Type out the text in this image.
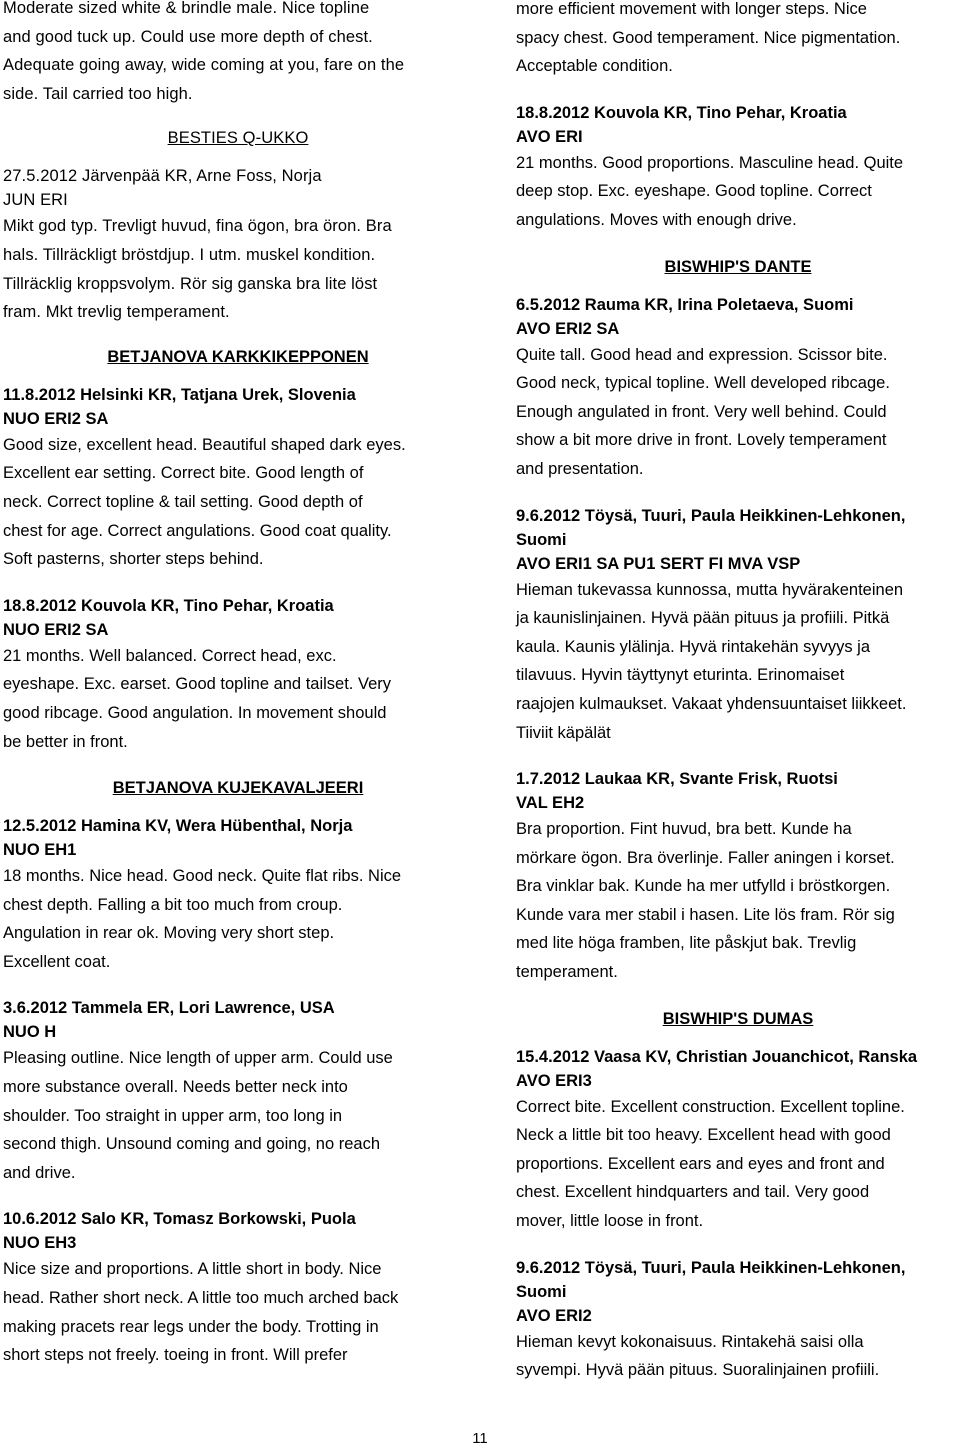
Moderate sized white & brindle male. Nice topline
and good tuck up. Could use more depth of chest.
Adequate going away, wide coming at you, fare on the
side. Tail carried too high.
BESTIES Q-UKKO
27.5.2012 Järvenpää KR, Arne Foss, Norja
JUN ERI
Mikt god typ. Trevligt huvud, fina ögon, bra öron. Bra
hals. Tillräckligt bröstdjup. I utm. muskel kondition.
Tillräcklig kroppsvolym. Rör sig ganska bra lite löst
fram. Mkt trevlig temperament.
BETJANOVA KARKKIKEPPONEN
11.8.2012 Helsinki KR, Tatjana Urek, Slovenia
NUO ERI2 SA
Good size, excellent head. Beautiful shaped dark eyes.
Excellent ear setting. Correct bite. Good length of
neck. Correct topline & tail setting. Good depth of
chest for age. Correct angulations. Good coat quality.
Soft pasterns, shorter steps behind.
18.8.2012 Kouvola KR, Tino Pehar, Kroatia
NUO ERI2 SA
21 months. Well balanced. Correct head, exc.
eyeshape. Exc. earset. Good topline and tailset. Very
good ribcage. Good angulation. In movement should
be better in front.
BETJANOVA KUJEKAVALJEERI
12.5.2012 Hamina KV, Wera Hübenthal, Norja
NUO EH1
18 months. Nice head. Good neck. Quite flat ribs. Nice
chest depth. Falling a bit too much from croup.
Angulation in rear ok. Moving very short step.
Excellent coat.
3.6.2012 Tammela ER, Lori Lawrence, USA
NUO H
Pleasing outline. Nice length of upper arm. Could use
more substance overall. Needs better neck into
shoulder. Too straight in upper arm, too long in
second thigh. Unsound coming and going, no reach
and drive.
10.6.2012 Salo KR, Tomasz Borkowski, Puola
NUO EH3
Nice size and proportions. A little short in body. Nice
head. Rather short neck. A little too much arched back
making pracets rear legs under the body. Trotting in
short steps not freely. toeing in front. Will prefer
more efficient movement with longer steps. Nice
spacy chest. Good temperament. Nice pigmentation.
Acceptable condition.
18.8.2012 Kouvola KR, Tino Pehar, Kroatia
AVO ERI
21 months. Good proportions. Masculine head. Quite
deep stop. Exc. eyeshape. Good topline. Correct
angulations. Moves with enough drive.
BISWHIP'S DANTE
6.5.2012 Rauma KR, Irina Poletaeva, Suomi
AVO ERI2 SA
Quite tall. Good head and expression. Scissor bite.
Good neck, typical topline. Well developed ribcage.
Enough angulated in front. Very well behind. Could
show a bit more drive in front. Lovely temperament
and presentation.
9.6.2012 Töysä, Tuuri, Paula Heikkinen-Lehkonen,
Suomi
AVO ERI1 SA PU1 SERT FI MVA VSP
Hieman tukevassa kunnossa, mutta hyvärakenteinen
ja kaunislinjainen. Hyvä pään pituus ja profiili. Pitkä
kaula. Kaunis ylälinja. Hyvä rintakehän syvyys ja
tilavuus. Hyvin täyttynyt eturinta. Erinomaiset
raajojen kulmaukset. Vakaat yhdensuuntaiset liikkeet.
Tiiviit käpälät
1.7.2012 Laukaa KR, Svante Frisk, Ruotsi
VAL EH2
Bra proportion. Fint huvud, bra bett. Kunde ha
mörkare ögon. Bra överlinje. Faller aningen i korset.
Bra vinklar bak. Kunde ha mer utfylld i bröstkorgen.
Kunde vara mer stabil i hasen. Lite lös fram. Rör sig
med lite höga framben, lite påskjut bak. Trevlig
temperament.
BISWHIP'S DUMAS
15.4.2012 Vaasa KV, Christian Jouanchicot, Ranska
AVO ERI3
Correct bite. Excellent construction. Excellent topline.
Neck a little bit too heavy. Excellent head with good
proportions. Excellent ears and eyes and front and
chest. Excellent hindquarters and tail. Very good
mover, little loose in front.
9.6.2012 Töysä, Tuuri, Paula Heikkinen-Lehkonen,
Suomi
AVO ERI2
Hieman kevyt kokonaisuus. Rintakehä saisi olla
syvempi. Hyvä pään pituus. Suoralinjainen profiili.
11
